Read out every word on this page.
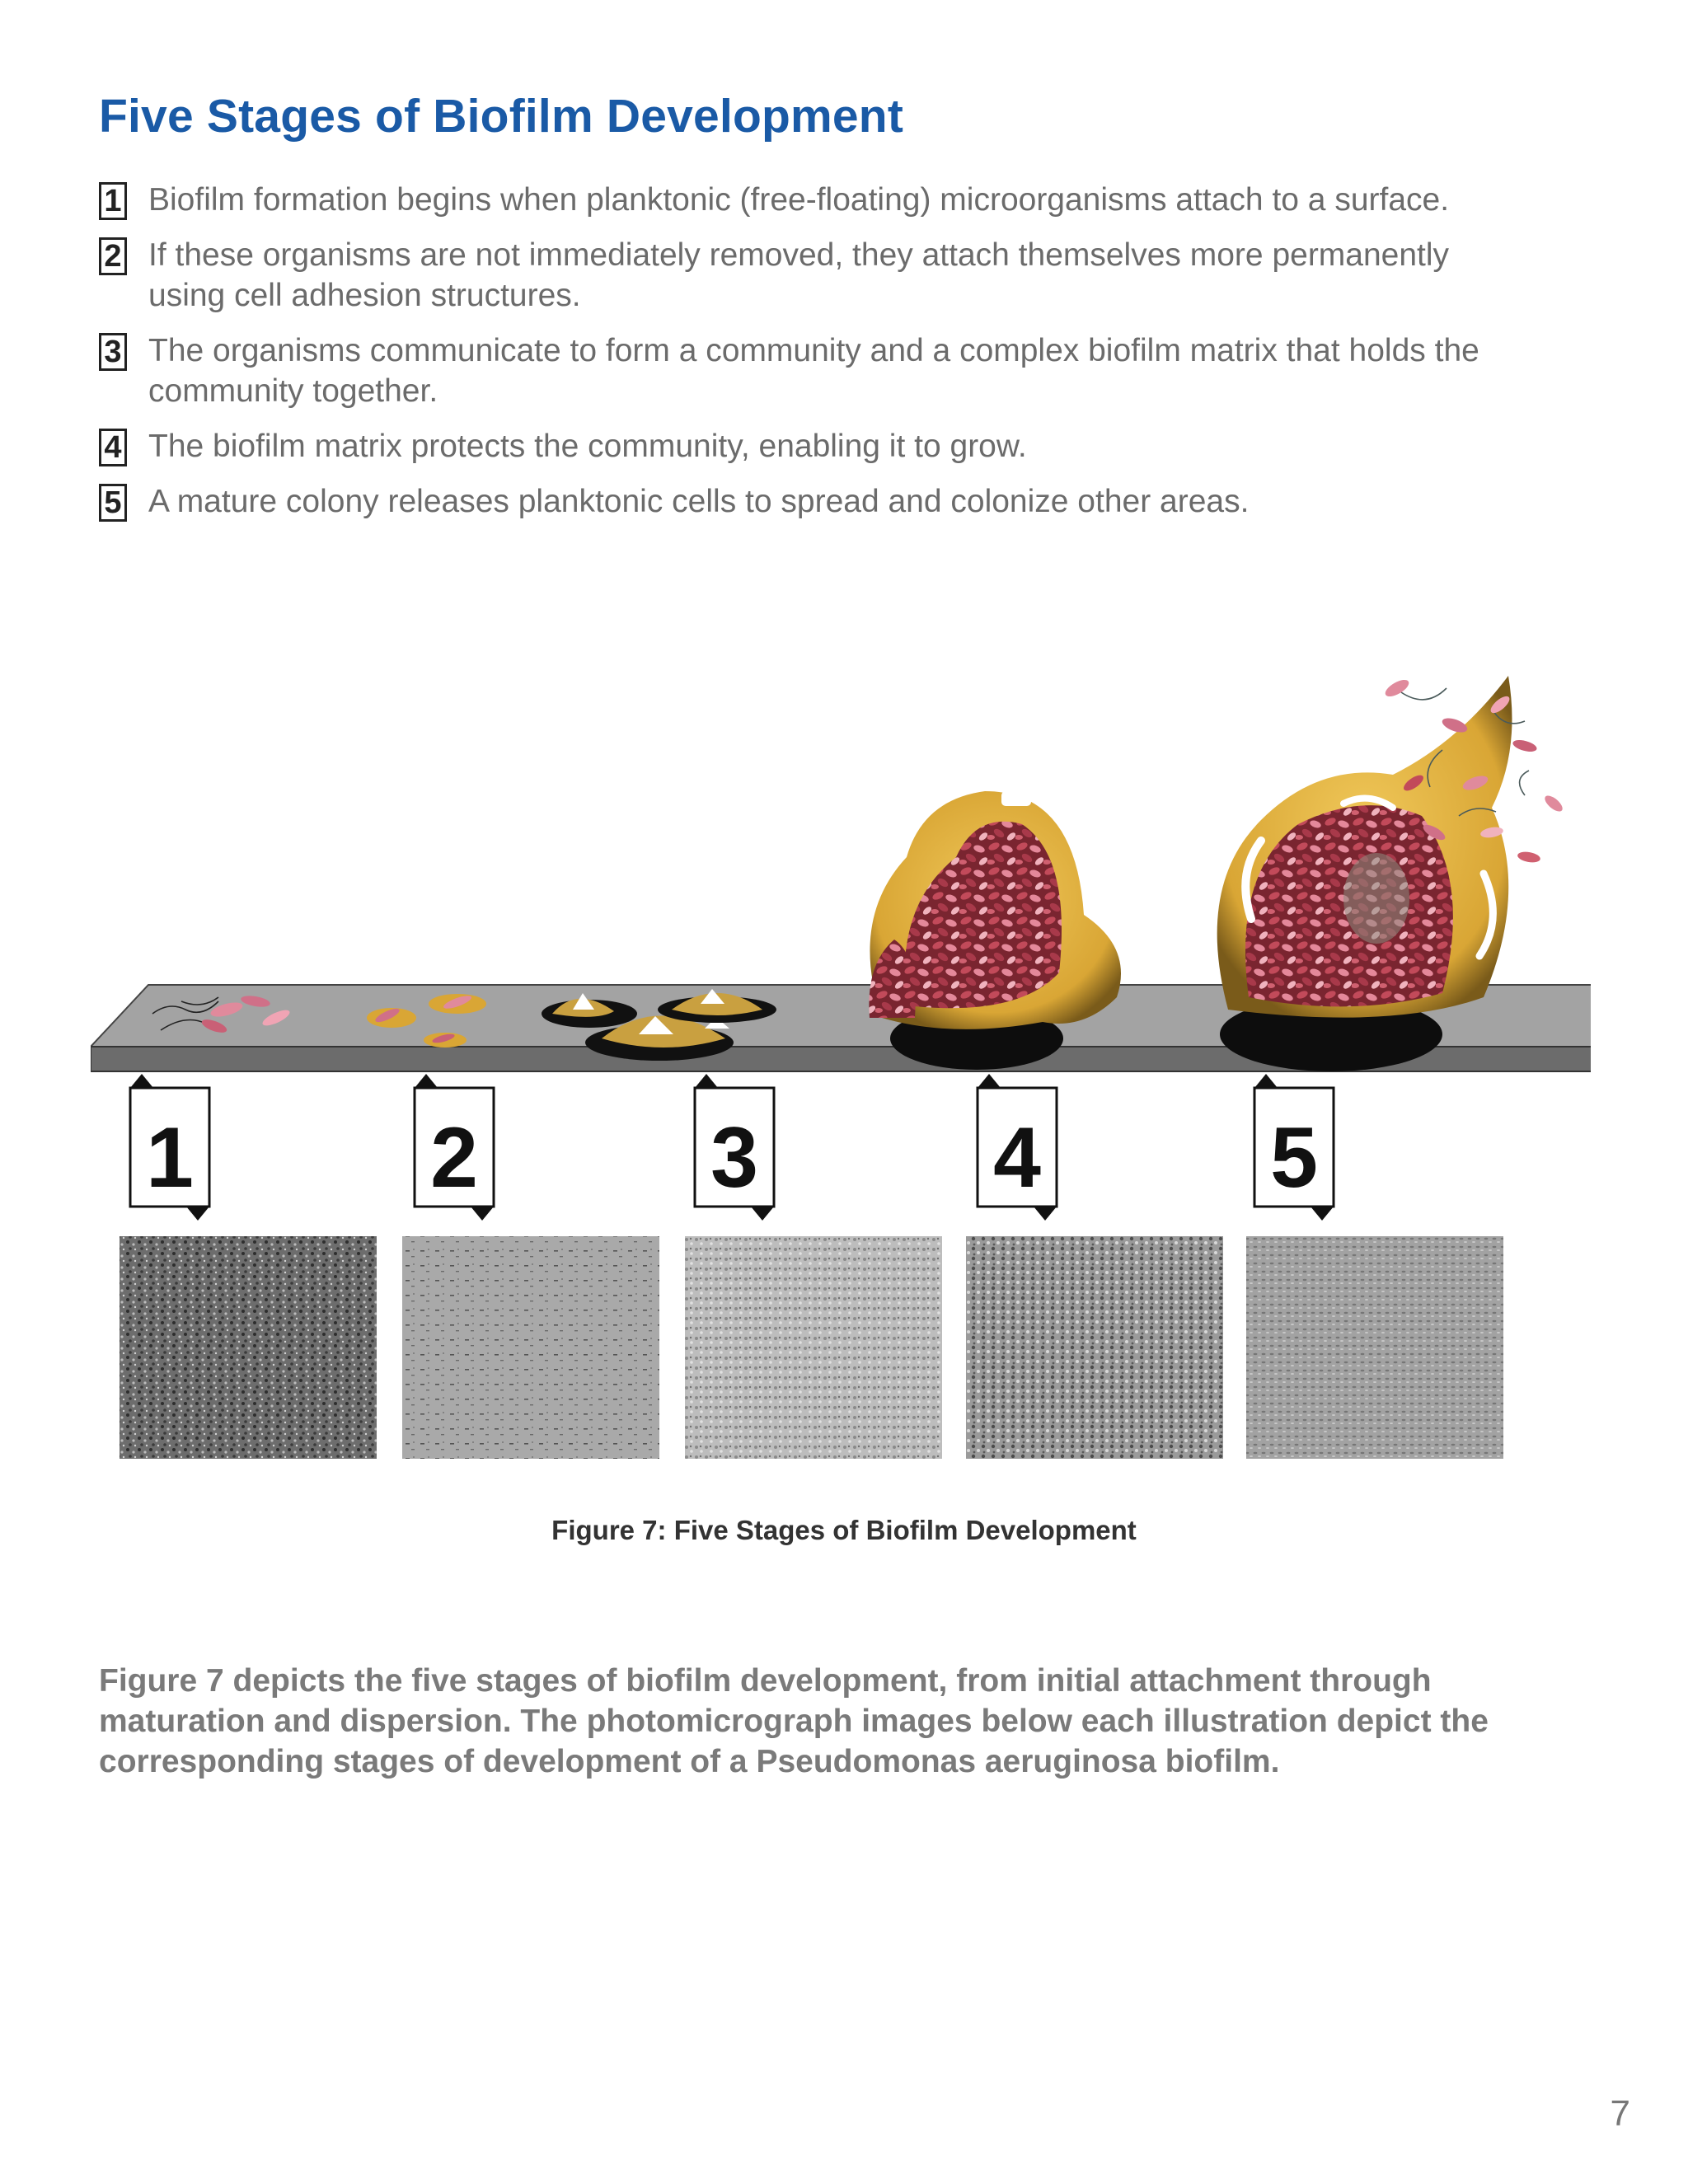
Five Stages of Biofilm Development
1 Biofilm formation begins when planktonic (free-floating) microorganisms attach to a surface.
2 If these organisms are not immediately removed, they attach themselves more permanently using cell adhesion structures.
3 The organisms communicate to form a community and a complex biofilm matrix that holds the community together.
4 The biofilm matrix protects the community, enabling it to grow.
5 A mature colony releases planktonic cells to spread and colonize other areas.
1	2	3	4	5

Figure 7: Five Stages of Biofilm Development

Figure 7 depicts the five stages of biofilm development, from initial attachment through maturation and dispersion. The photomicrograph images below each illustration depict the corresponding stages of development of a Pseudomonas aeruginosa biofilm.

7
